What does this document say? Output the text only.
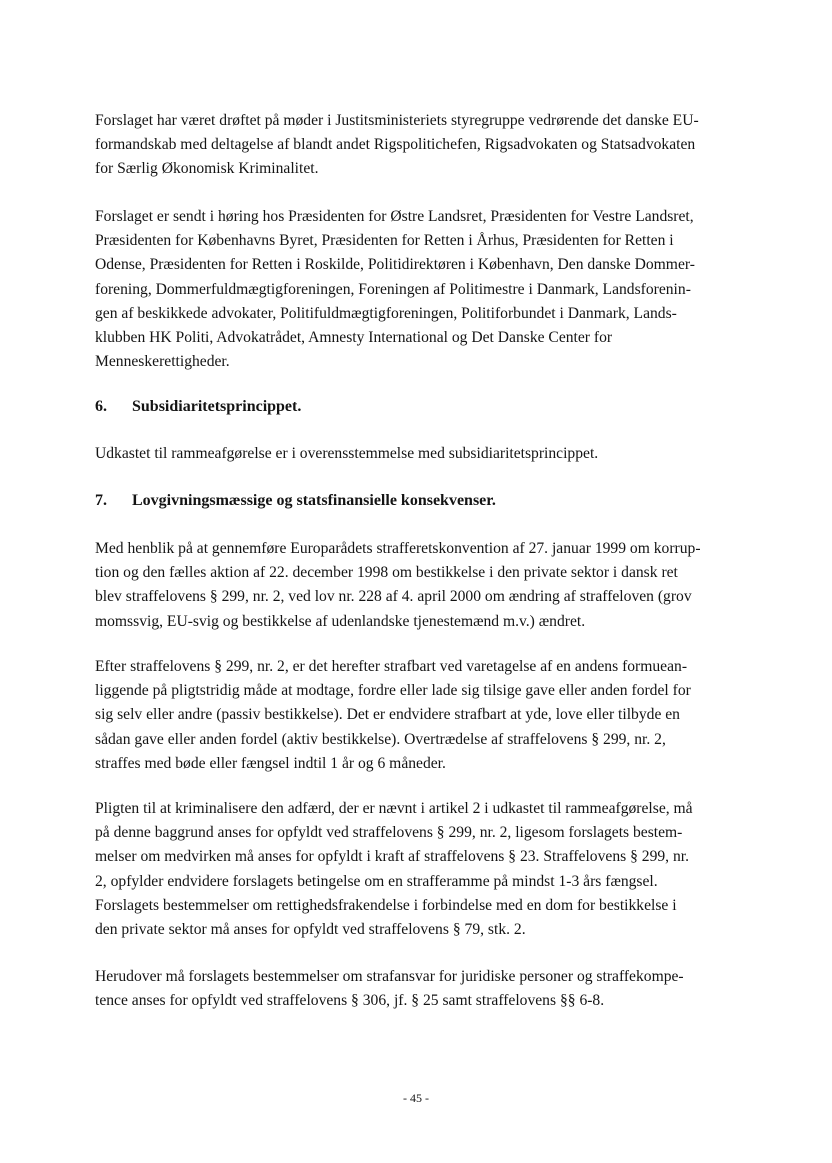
Forslaget har været drøftet på møder i Justitsministeriets styregruppe vedrørende det danske EU-
formandskab med deltagelse af blandt andet Rigspolitichefen, Rigsadvokaten og Statsadvokaten
for Særlig Økonomisk Kriminalitet.

Forslaget er sendt i høring hos Præsidenten for Østre Landsret, Præsidenten for Vestre Landsret,
Præsidenten for Københavns Byret, Præsidenten for Retten i Århus, Præsidenten for Retten i
Odense, Præsidenten for Retten i Roskilde, Politidirektøren i København, Den danske Dommer-
forening, Dommerfuldmægtigforeningen, Foreningen af Politimestre i Danmark, Landsforenin-
gen af beskikkede advokater, Politifuldmægtigforeningen, Politiforbundet i Danmark, Lands-
klubben HK Politi, Advokatrådet, Amnesty International og Det Danske Center for
Menneskerettigheder.

6. Subsidiaritetsprincippet.

Udkastet til rammeafgørelse er i overensstemmelse med subsidiaritetsprincippet.

7. Lovgivningsmæssige og statsfinansielle konsekvenser.

Med henblik på at gennemføre Europarådets strafferetskonvention af 27. januar 1999 om korrup-
tion og den fælles aktion af 22. december 1998 om bestikkelse i den private sektor i dansk ret
blev straffelovens § 299, nr. 2, ved lov nr. 228 af 4. april 2000 om ændring af straffeloven (grov
momssvig, EU-svig og bestikkelse af udenlandske tjenestemænd m.v.) ændret.

Efter straffelovens § 299, nr. 2, er det herefter strafbart ved varetagelse af en andens formuean-
liggende på pligtstridig måde at modtage, fordre eller lade sig tilsige gave eller anden fordel for
sig selv eller andre (passiv bestikkelse). Det er endvidere strafbart at yde, love eller tilbyde en
sådan gave eller anden fordel (aktiv bestikkelse). Overtrædelse af straffelovens § 299, nr. 2,
straffes med bøde eller fængsel indtil 1 år og 6 måneder.

Pligten til at kriminalisere den adfærd, der er nævnt i artikel 2 i udkastet til rammeafgørelse, må
på denne baggrund anses for opfyldt ved straffelovens § 299, nr. 2, ligesom forslagets bestem-
melser om medvirken må anses for opfyldt i kraft af straffelovens § 23. Straffelovens § 299, nr.
2, opfylder endvidere forslagets betingelse om en strafferamme på mindst 1-3 års fængsel.
Forslagets bestemmelser om rettighedsfrakendelse i forbindelse med en dom for bestikkelse i
den private sektor må anses for opfyldt ved straffelovens § 79, stk. 2.

Herudover må forslagets bestemmelser om strafansvar for juridiske personer og straffekompe-
tence anses for opfyldt ved straffelovens § 306, jf. § 25 samt straffelovens §§ 6-8.

- 45 -
